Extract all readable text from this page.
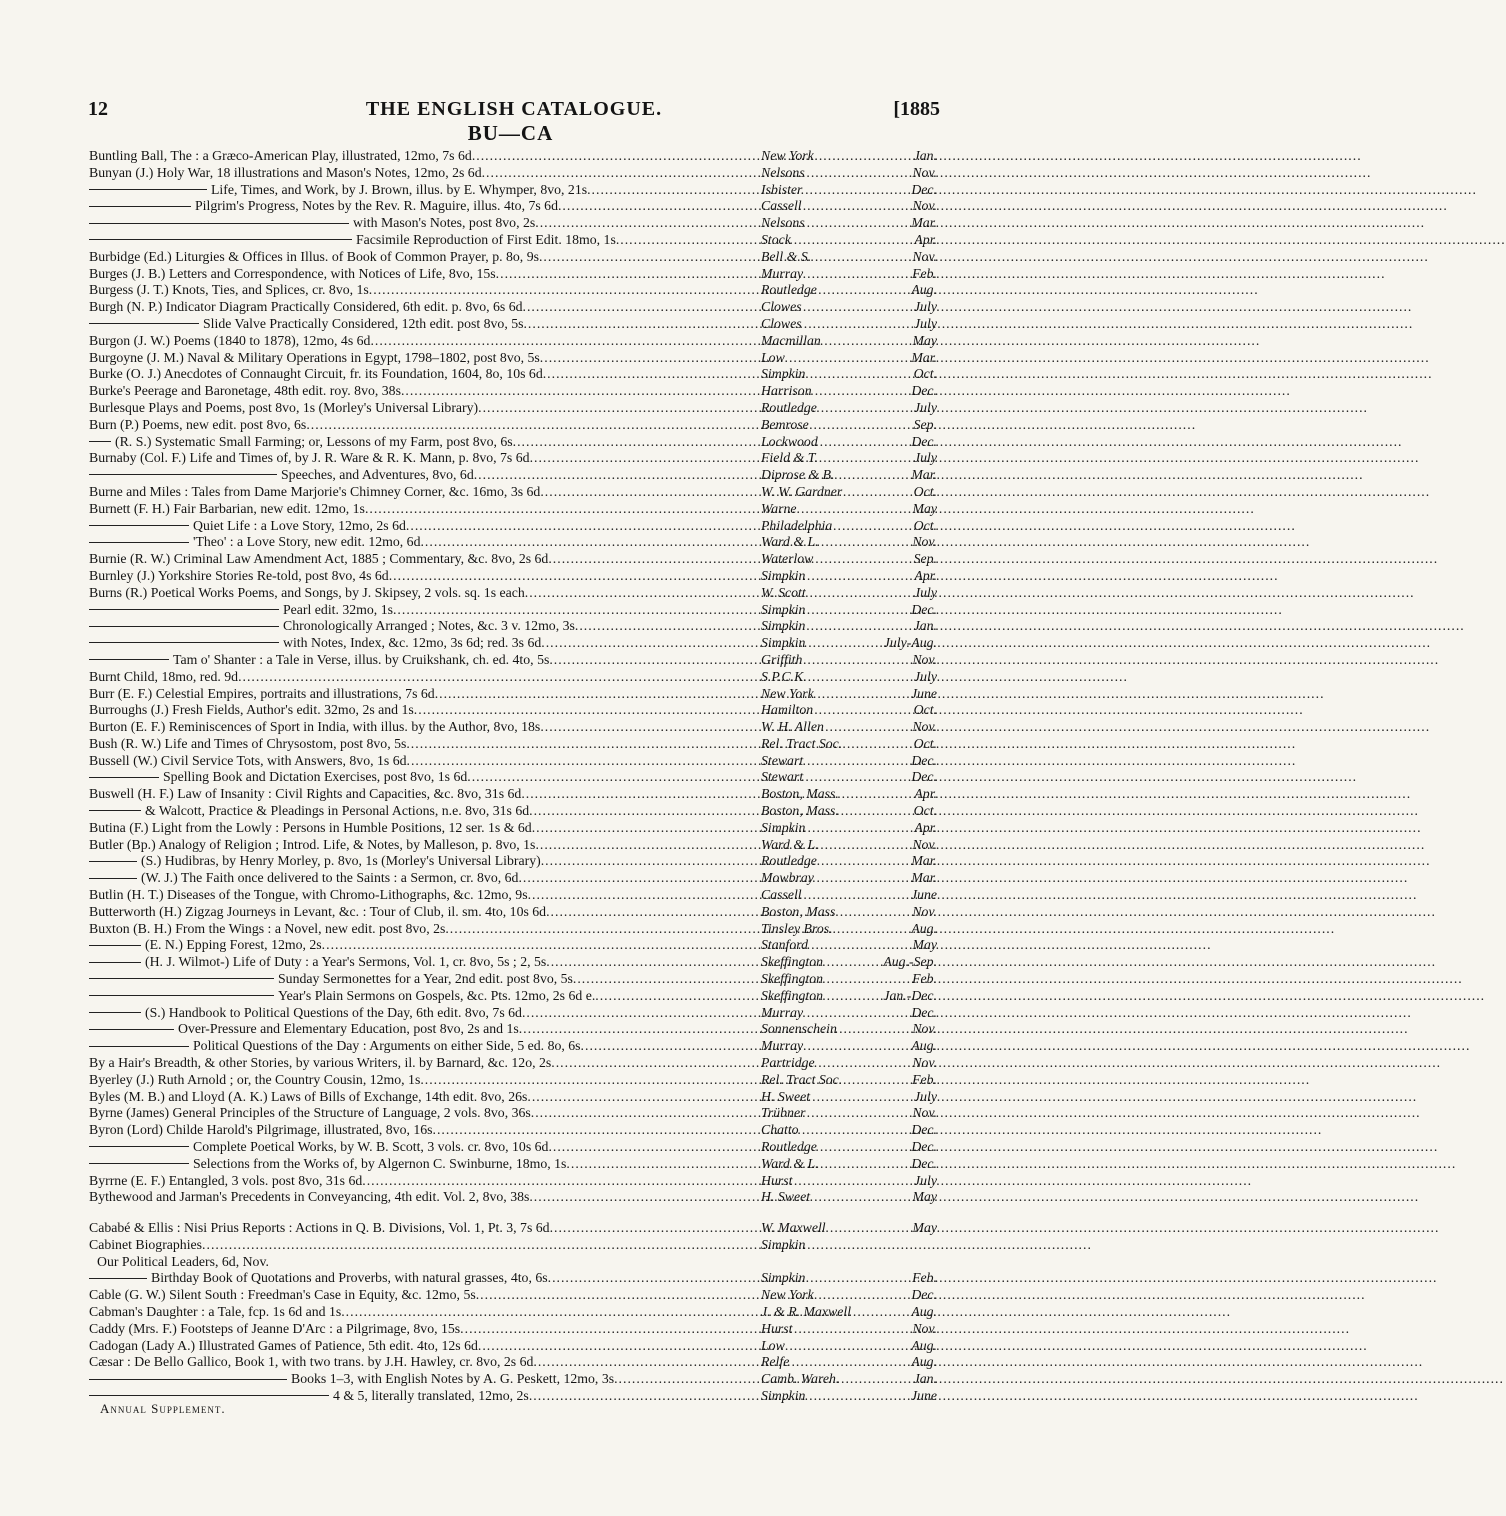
12	THE ENGLISH CATALOGUE.	[1885
BU—CA
Buntling Ball, The : a Græco-American Play, illustrated, 12mo, 7s 6d .....	New York	Jan.
Bunyan (J.) Holy War, 18 illustrations and Mason's Notes, 12mo, 2s 6d .....	Nelsons	Nov.
Life, Times, and Work, by J. Brown, illus. by E. Whymper, 8vo, 21s .....	Isbister	Dec.
Pilgrim's Progress, Notes by the Rev. R. Maguire, illus. 4to, 7s 6d .....	Cassell	Nov.
with Mason's Notes, post 8vo, 2s .....	Nelsons	Mar.
Facsimile Reproduction of First Edit. 18mo, 1s .....	Stock	Apr.
Burbidge (Ed.) Liturgies & Offices in Illus. of Book of Common Prayer, p. 8o, 9s .....	Bell & S.	Nov.
Burges (J. B.) Letters and Correspondence, with Notices of Life, 8vo, 15s .....	Murray	Feb.
Burgess (J. T.) Knots, Ties, and Splices, cr. 8vo, 1s .....	Routledge	Aug.
Burgh (N. P.) Indicator Diagram Practically Considered, 6th edit. p. 8vo, 6s 6d .....	Clowes	July
Slide Valve Practically Considered, 12th edit. post 8vo, 5s .....	Clowes	July
Burgon (J. W.) Poems (1840 to 1878), 12mo, 4s 6d .....	Macmillan	May
Burgoyne (J. M.) Naval & Military Operations in Egypt, 1798–1802, post 8vo, 5s .....	Low	Mar.
Burke (O. J.) Anecdotes of Connaught Circuit, fr. its Foundation, 1604, 8o, 10s 6d .....	Simpkin	Oct.
Burke's Peerage and Baronetage, 48th edit. roy. 8vo, 38s .....	Harrison	Dec.
Burlesque Plays and Poems, post 8vo, 1s (Morley's Universal Library) .....	Routledge	July
Burn (P.) Poems, new edit. post 8vo, 6s .....	Bemrose	Sep.
(R. S.) Systematic Small Farming; or, Lessons of my Farm, post 8vo, 6s .....	Lockwood	Dec.
Burnaby (Col. F.) Life and Times of, by J. R. Ware & R. K. Mann, p. 8vo, 7s 6d .....	Field & T.	July
Speeches, and Adventures, 8vo, 6d .....	Diprose & B.	Mar.
Burne and Miles : Tales from Dame Marjorie's Chimney Corner, &c. 16mo, 3s 6d .....	W. W. Gardner	Oct.
Burnett (F. H.) Fair Barbarian, new edit. 12mo, 1s .....	Warne	May
Quiet Life : a Love Story, 12mo, 2s 6d .....	Philadelphia	Oct.
'Theo' : a Love Story, new edit. 12mo, 6d .....	Ward & L.	Nov.
Burnie (R. W.) Criminal Law Amendment Act, 1885 ; Commentary, &c. 8vo, 2s 6d .....	Waterlow	Sep.
Burnley (J.) Yorkshire Stories Re-told, post 8vo, 4s 6d .....	Simpkin	Apr.
Burns (R.) Poetical Works Poems, and Songs, by J. Skipsey, 2 vols. sq. 1s each .....	W. Scott	July
Pearl edit. 32mo, 1s .....	Simpkin	Dec.
Chronologically Arranged ; Notes, &c. 3 v. 12mo, 3s .....	Simpkin	Jan.
with Notes, Index, &c. 12mo, 3s 6d; red. 3s 6d .....	Simpkin	July-Aug.
Tam o' Shanter : a Tale in Verse, illus. by Cruikshank, ch. ed. 4to, 5s .....	Griffith	Nov.
Burnt Child, 18mo, red. 9d .....	S.P.C.K.	July
Burr (E. F.) Celestial Empires, portraits and illustrations, 7s 6d .....	New York	June
Burroughs (J.) Fresh Fields, Author's edit. 32mo, 2s and 1s .....	Hamilton	Oct.
Burton (E. F.) Reminiscences of Sport in India, with illus. by the Author, 8vo, 18s .....	W. H. Allen	Nov.
Bush (R. W.) Life and Times of Chrysostom, post 8vo, 5s .....	Rel. Tract Soc.	Oct.
Bussell (W.) Civil Service Tots, with Answers, 8vo, 1s 6d .....	Stewart	Dec.
Spelling Book and Dictation Exercises, post 8vo, 1s 6d .....	Stewart	Dec.
Buswell (H. F.) Law of Insanity : Civil Rights and Capacities, &c. 8vo, 31s 6d .....	Boston, Mass.	Apr.
& Walcott, Practice & Pleadings in Personal Actions, n.e. 8vo, 31s 6d .....	Boston, Mass.	Oct.
Butina (F.) Light from the Lowly : Persons in Humble Positions, 12 ser. 1s & 6d .....	Simpkin	Apr.
Butler (Bp.) Analogy of Religion ; Introd. Life, & Notes, by Malleson, p. 8vo, 1s .....	Ward & L.	Nov.
(S.) Hudibras, by Henry Morley, p. 8vo, 1s (Morley's Universal Library) .....	Routledge	Mar.
(W. J.) The Faith once delivered to the Saints : a Sermon, cr. 8vo, 6d .....	Mowbray	Mar.
Butlin (H. T.) Diseases of the Tongue, with Chromo-Lithographs, &c. 12mo, 9s .....	Cassell	June
Butterworth (H.) Zigzag Journeys in Levant, &c. : Tour of Club, il. sm. 4to, 10s 6d .....	Boston, Mass	Nov.
Buxton (B. H.) From the Wings : a Novel, new edit. post 8vo, 2s .....	Tinsley Bros.	Aug.
(E. N.) Epping Forest, 12mo, 2s .....	Stanford	May
(H. J. Wilmot-) Life of Duty : a Year's Sermons, Vol. 1, cr. 8vo, 5s ; 2, 5s .....	Skeffington	Aug.-Sep.
Sunday Sermonettes for a Year, 2nd edit. post 8vo, 5s .....	Skeffington	Feb.
Year's Plain Sermons on Gospels, &c. Pts. 12mo, 2s 6d e. .....	Skeffington	Jan.-Dec.
(S.) Handbook to Political Questions of the Day, 6th edit. 8vo, 7s 6d .....	Murray	Dec.
Over-Pressure and Elementary Education, post 8vo, 2s and 1s .....	Sonnenschein	Nov.
Political Questions of the Day : Arguments on either Side, 5 ed. 8o, 6s .....	Murray	Aug.
By a Hair's Breadth, & other Stories, by various Writers, il. by Barnard, &c. 12o, 2s .....	Partridge	Nov.
Byerley (J.) Ruth Arnold ; or, the Country Cousin, 12mo, 1s .....	Rel. Tract Soc.	Feb.
Byles (M. B.) and Lloyd (A. K.) Laws of Bills of Exchange, 14th edit. 8vo, 26s .....	H. Sweet	July
Byrne (James) General Principles of the Structure of Language, 2 vols. 8vo, 36s .....	Trübner	Nov.
Byron (Lord) Childe Harold's Pilgrimage, illustrated, 8vo, 16s .....	Chatto	Dec.
Complete Poetical Works, by W. B. Scott, 3 vols. cr. 8vo, 10s 6d .....	Routledge	Dec.
Selections from the Works of, by Algernon C. Swinburne, 18mo, 1s .....	Ward & L.	Dec.
Byrrne (E. F.) Entangled, 3 vols. post 8vo, 31s 6d .....	Hurst	July
Bythewood and Jarman's Precedents in Conveyancing, 4th edit. Vol. 2, 8vo, 38s .....	H. Sweet	May
Cababé & Ellis : Nisi Prius Reports : Actions in Q. B. Divisions, Vol. 1, Pt. 3, 7s 6d .....	W. Maxwell	May
Cabinet Biographies .....	Simpkin
Our Political Leaders, 6d, Nov.
Birthday Book of Quotations and Proverbs, with natural grasses, 4to, 6s .....	Simpkin	Feb.
Cable (G. W.) Silent South : Freedman's Case in Equity, &c. 12mo, 5s .....	New York	Dec.
Cabman's Daughter : a Tale, fcp. 1s 6d and 1s .....	J. & R. Maxwell	Aug.
Caddy (Mrs. F.) Footsteps of Jeanne D'Arc : a Pilgrimage, 8vo, 15s .....	Hurst	Nov.
Cadogan (Lady A.) Illustrated Games of Patience, 5th edit. 4to, 12s 6d .....	Low	Aug.
Cæsar : De Bello Gallico, Book 1, with two trans. by J.H. Hawley, cr. 8vo, 2s 6d .....	Relfe	Aug.
Books 1–3, with English Notes by A. G. Peskett, 12mo, 3s .....	Camb. Wareh.	Jan.
4 & 5, literally translated, 12mo, 2s .....	Simpkin	June
Annual Supplement.
